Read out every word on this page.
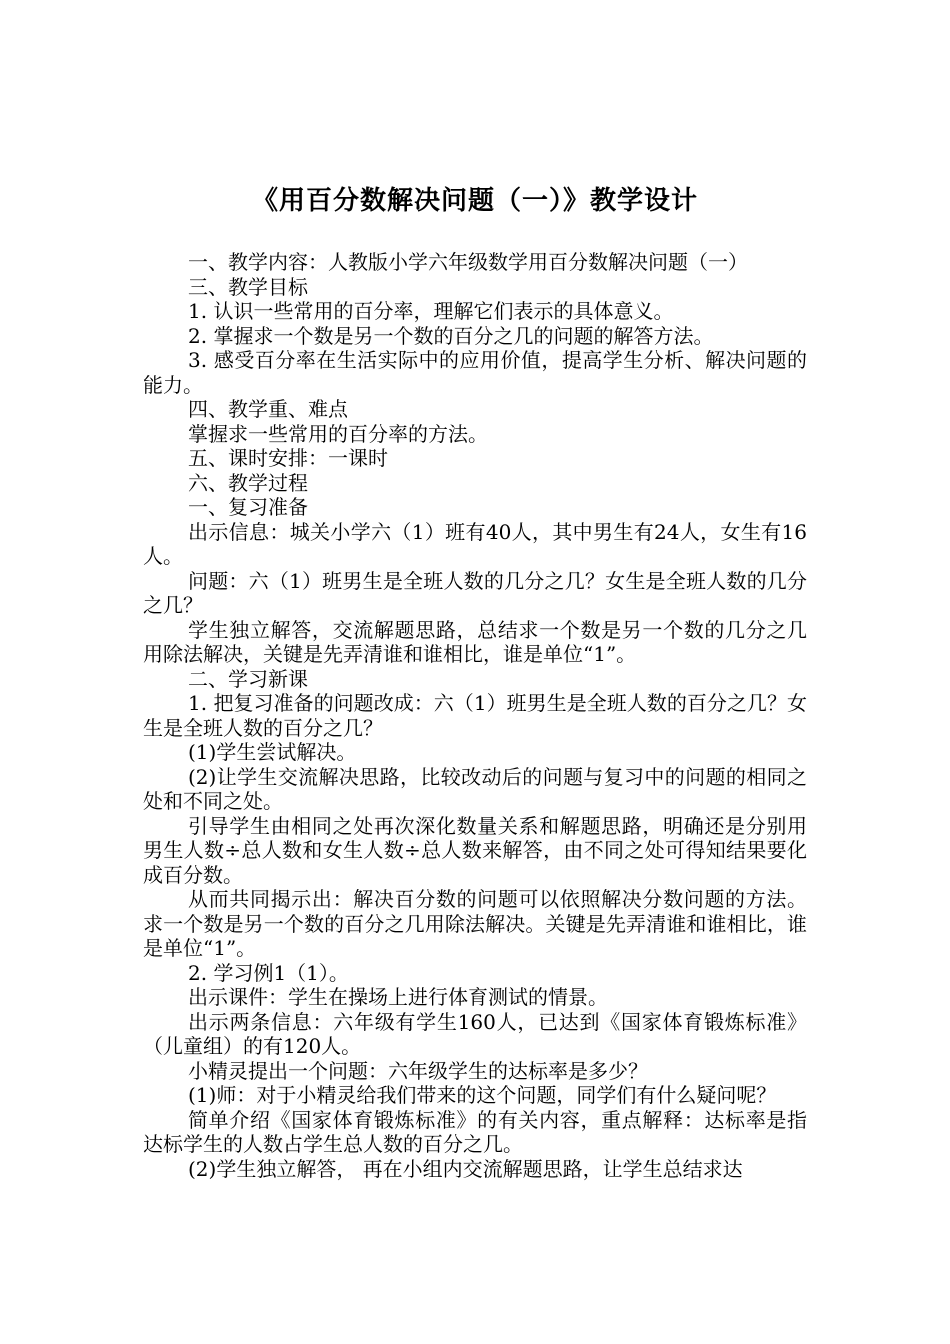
《用百分数解决问题（一）》教学设计

一、教学内容：人教版小学六年级数学用百分数解决问题（一）

三、教学目标

1. 认识一些常用的百分率，理解它们表示的具体意义。

2. 掌握求一个数是另一个数的百分之几的问题的解答方法。

3. 感受百分率在生活实际中的应用价值，提高学生分析、解决问题的能力。

四、教学重、难点

掌握求一些常用的百分率的方法。

五、课时安排：一课时

六、教学过程

一、复习准备

出示信息：城关小学六（1）班有40人，其中男生有24人，女生有16人。

问题：六（1）班男生是全班人数的几分之几？女生是全班人数的几分之几？

学生独立解答，交流解题思路，总结求一个数是另一个数的几分之几用除法解决，关键是先弄清谁和谁相比，谁是单位“1”。

二、学习新课

1. 把复习准备的问题改成：六（1）班男生是全班人数的百分之几？女生是全班人数的百分之几？

(1)学生尝试解决。

(2)让学生交流解决思路，比较改动后的问题与复习中的问题的相同之处和不同之处。

引导学生由相同之处再次深化数量关系和解题思路，明确还是分别用男生人数÷总人数和女生人数÷总人数来解答，由不同之处可得知结果要化成百分数。

从而共同揭示出：解决百分数的问题可以依照解决分数问题的方法。求一个数是另一个数的百分之几用除法解决。关键是先弄清谁和谁相比，谁是单位“1”。

2. 学习例1（1）。

出示课件：学生在操场上进行体育测试的情景。

出示两条信息：六年级有学生160人，已达到《国家体育锻炼标准》（儿童组）的有120人。

小精灵提出一个问题：六年级学生的达标率是多少？

(1)师：对于小精灵给我们带来的这个问题，同学们有什么疑问呢？

简单介绍《国家体育锻炼标准》的有关内容，重点解释：达标率是指达标学生的人数占学生总人数的百分之几。

(2)学生独立解答， 再在小组内交流解题思路，让学生总结求达
